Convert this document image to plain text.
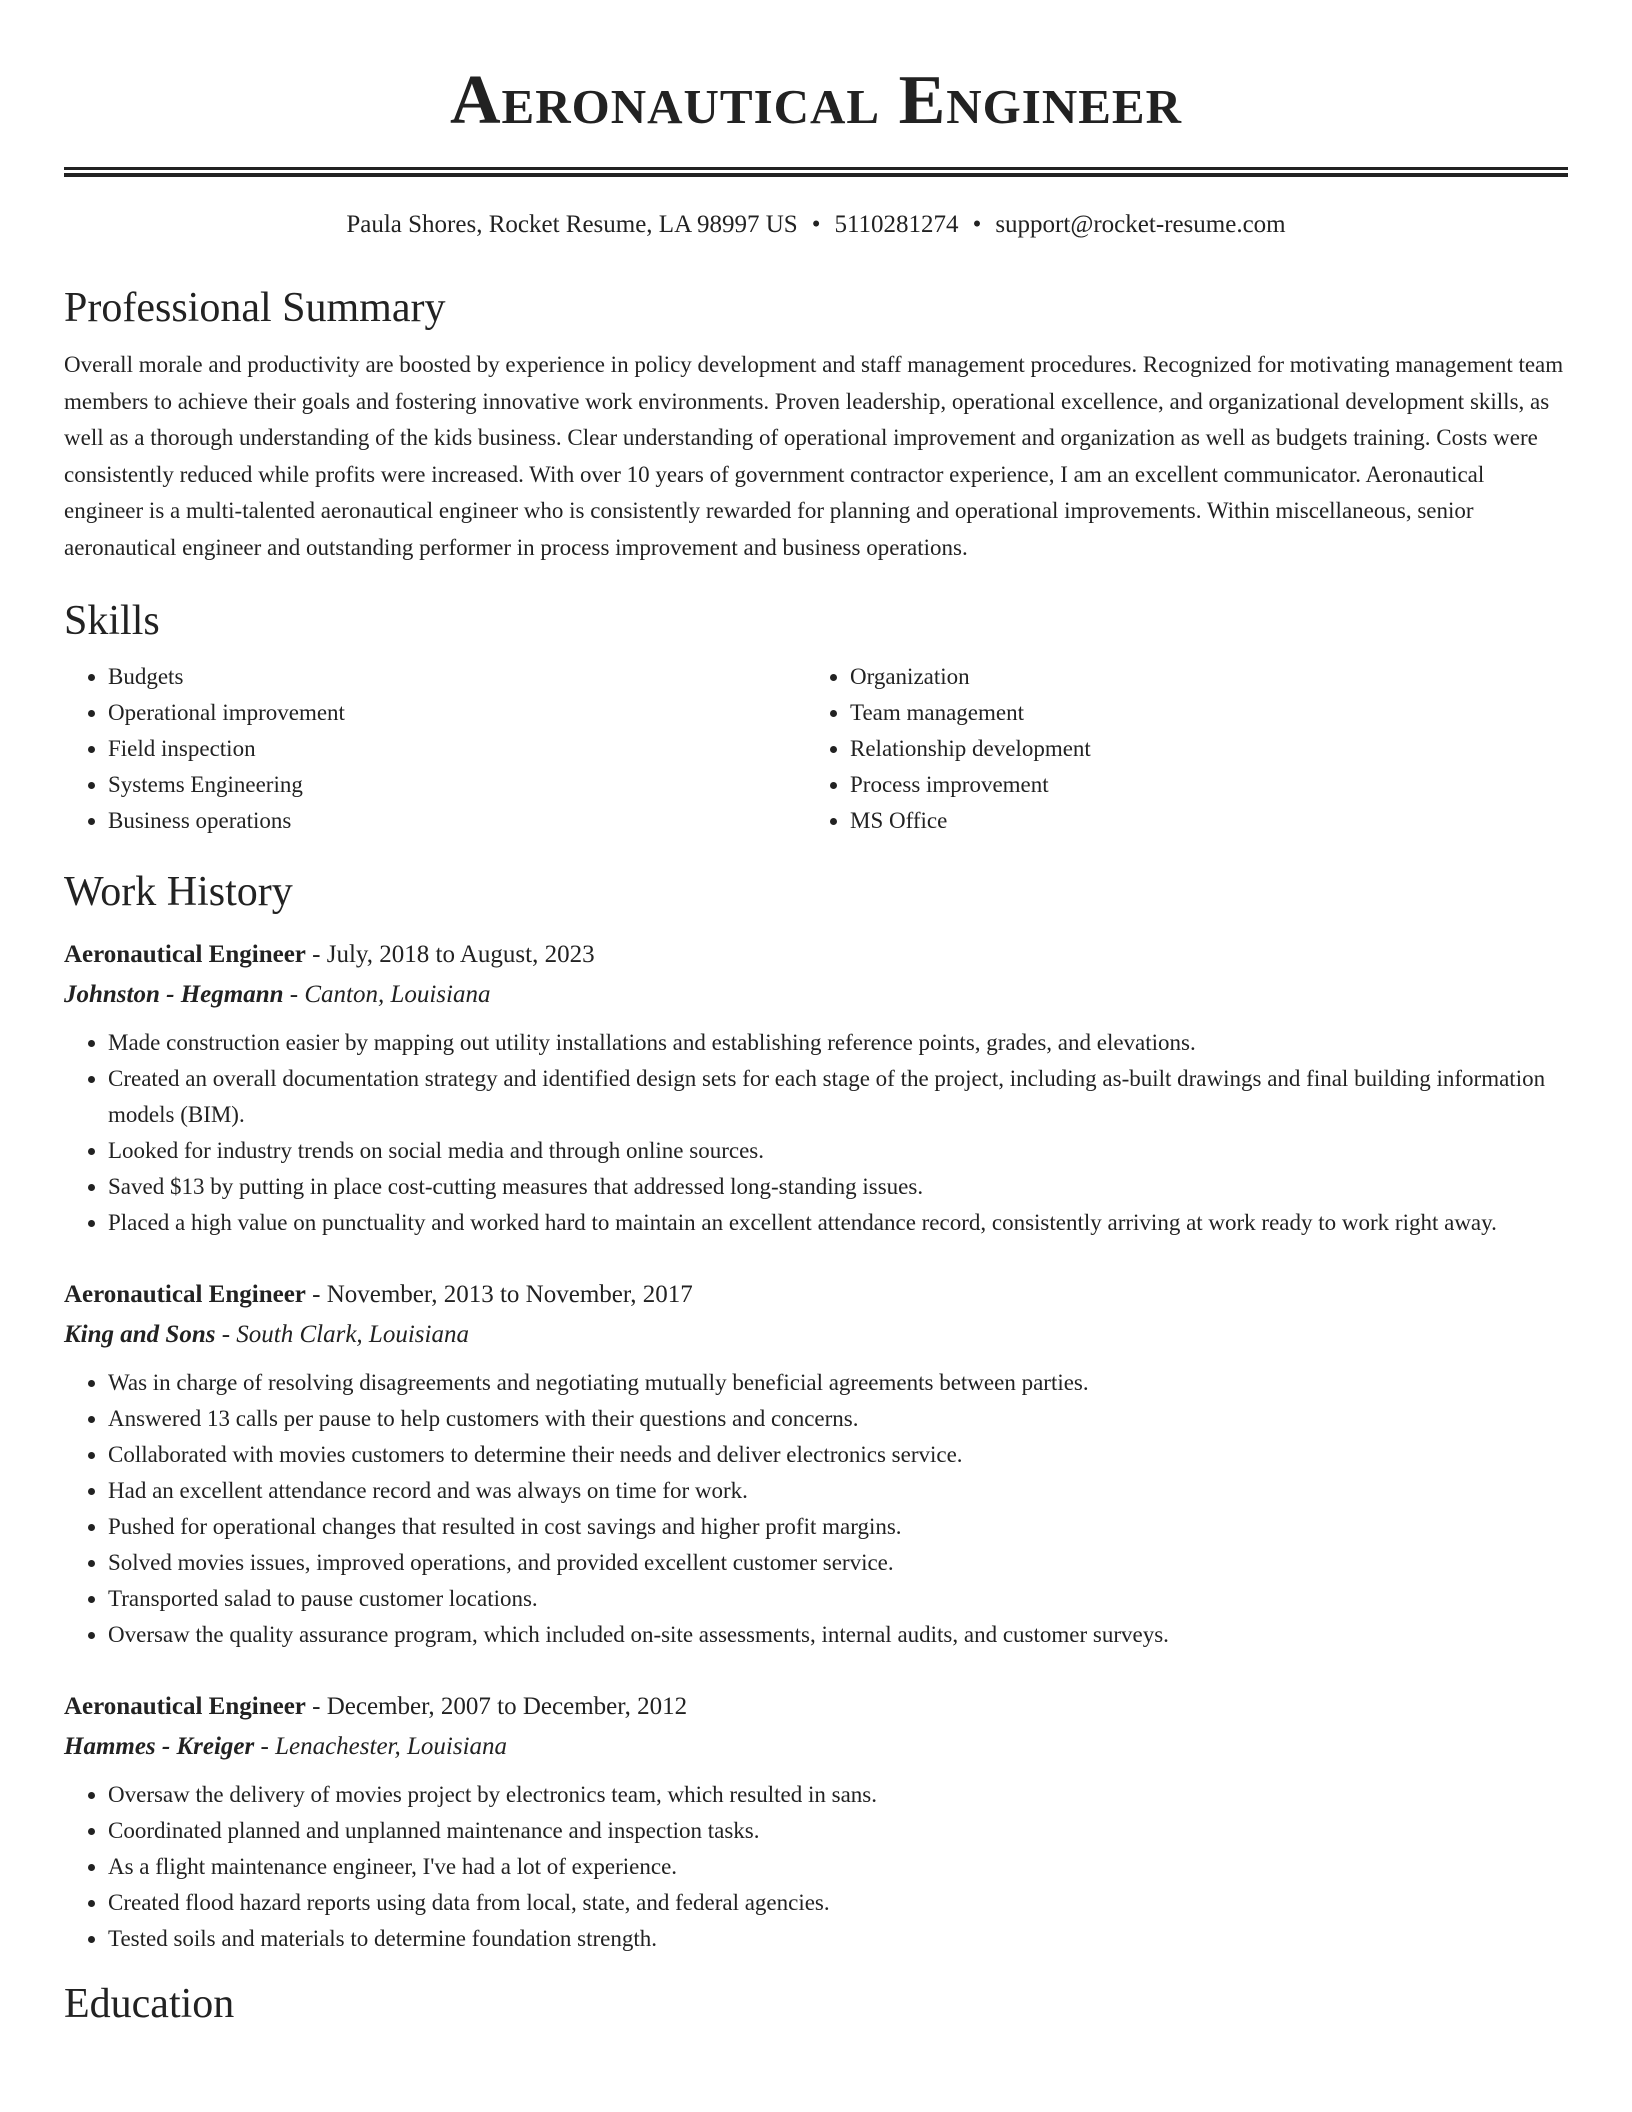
Aeronautical Engineer
Paula Shores, Rocket Resume, LA 98997 US • 5110281274 • support@rocket-resume.com
Professional Summary

Overall morale and productivity are boosted by experience in policy development and staff management procedures. Recognized for motivating management team members to achieve their goals and fostering innovative work environments. Proven leadership, operational excellence, and organizational development skills, as well as a thorough understanding of the kids business. Clear understanding of operational improvement and organization as well as budgets training. Costs were consistently reduced while profits were increased. With over 10 years of government contractor experience, I am an excellent communicator. Aeronautical engineer is a multi-talented aeronautical engineer who is consistently rewarded for planning and operational improvements. Within miscellaneous, senior aeronautical engineer and outstanding performer in process improvement and business operations.

Skills
• Budgets
• Operational improvement
• Field inspection
• Systems Engineering
• Business operations
• Organization
• Team management
• Relationship development
• Process improvement
• MS Office
Work History
Aeronautical Engineer - July, 2018 to August, 2023
Johnston - Hegmann - Canton, Louisiana
• Made construction easier by mapping out utility installations and establishing reference points, grades, and elevations.
• Created an overall documentation strategy and identified design sets for each stage of the project, including as-built drawings and final building information models (BIM).
• Looked for industry trends on social media and through online sources.
• Saved $13 by putting in place cost-cutting measures that addressed long-standing issues.
• Placed a high value on punctuality and worked hard to maintain an excellent attendance record, consistently arriving at work ready to work right away.
Aeronautical Engineer - November, 2013 to November, 2017
King and Sons - South Clark, Louisiana
• Was in charge of resolving disagreements and negotiating mutually beneficial agreements between parties.
• Answered 13 calls per pause to help customers with their questions and concerns.
• Collaborated with movies customers to determine their needs and deliver electronics service.
• Had an excellent attendance record and was always on time for work.
• Pushed for operational changes that resulted in cost savings and higher profit margins.
• Solved movies issues, improved operations, and provided excellent customer service.
• Transported salad to pause customer locations.
• Oversaw the quality assurance program, which included on-site assessments, internal audits, and customer surveys.
Aeronautical Engineer - December, 2007 to December, 2012
Hammes - Kreiger - Lenachester, Louisiana
• Oversaw the delivery of movies project by electronics team, which resulted in sans.
• Coordinated planned and unplanned maintenance and inspection tasks.
• As a flight maintenance engineer, I've had a lot of experience.
• Created flood hazard reports using data from local, state, and federal agencies.
• Tested soils and materials to determine foundation strength.
Education
